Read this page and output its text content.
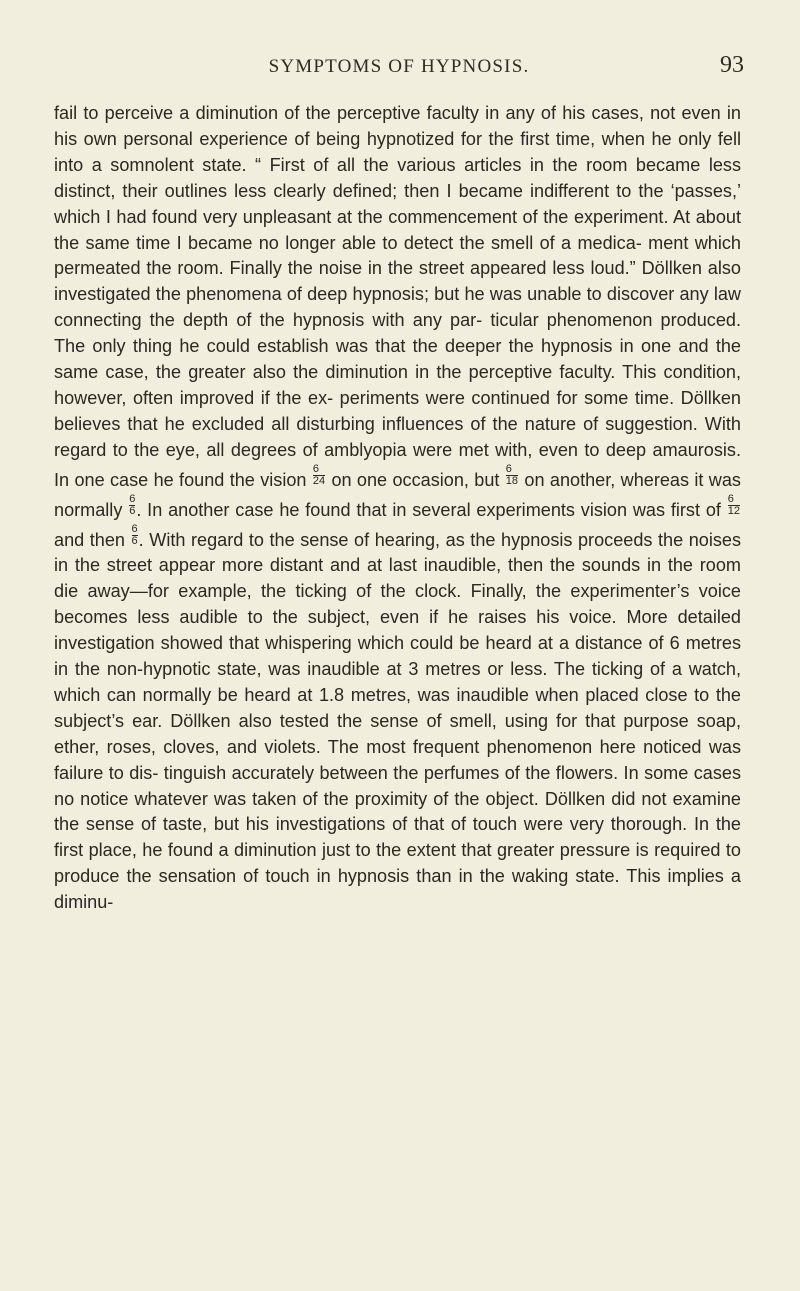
SYMPTOMS OF HYPNOSIS.	93

fail to perceive a diminution of the perceptive faculty in any of his cases, not even in his own personal experience of being hypnotized for the first time, when he only fell into a somnolent state. “ First of all the various articles in the room became less distinct, their outlines less clearly defined; then I became indifferent to the ‘passes,’ which I had found very unpleasant at the commencement of the experiment. At about the same time I became no longer able to detect the smell of a medica- ment which permeated the room. Finally the noise in the street appeared less loud.” Döllken also investigated the phenomena of deep hypnosis; but he was unable to discover any law connecting the depth of the hypnosis with any par- ticular phenomenon produced. The only thing he could establish was that the deeper the hypnosis in one and the same case, the greater also the diminution in the perceptive faculty. This condition, however, often improved if the ex- periments were continued for some time. Döllken believes that he excluded all disturbing influences of the nature of suggestion. With regard to the eye, all degrees of amblyopia were met with, even to deep amaurosis. In one case he found the vision $\frac{6}{24}$ on one occasion, but $\frac{6}{18}$ on another, whereas it was normally $\frac{6}{6}$ . In another case he found that in several experiments vision was first of $\frac{6}{12}$
and then $\frac{6}{6}$ . With regard to the sense of hearing, as the hypnosis proceeds the noises in the street appear more distant and at last inaudible, then the sounds in the room die away—for example, the ticking of the clock. Finally, the experimenter’s voice becomes less audible to the subject, even if he raises his voice. More detailed investigation showed that whispering which could be heard at a distance of 6 metres in the non-hypnotic state, was inaudible at 3 metres or less. The ticking of a watch, which can normally be heard at 1.8 metres, was inaudible when placed close to the subject’s ear. Döllken also tested the sense of smell, using for that purpose soap, ether, roses, cloves, and violets. The most frequent phenomenon here noticed was failure to dis- tinguish accurately between the perfumes of the flowers. In some cases no notice whatever was taken of the proximity of the object. Döllken did not examine the sense of taste, but his investigations of that of touch were very thorough. In the first place, he found a diminution just to the extent that greater pressure is required to produce the sensation of touch in hypnosis than in the waking state. This implies a diminu-
